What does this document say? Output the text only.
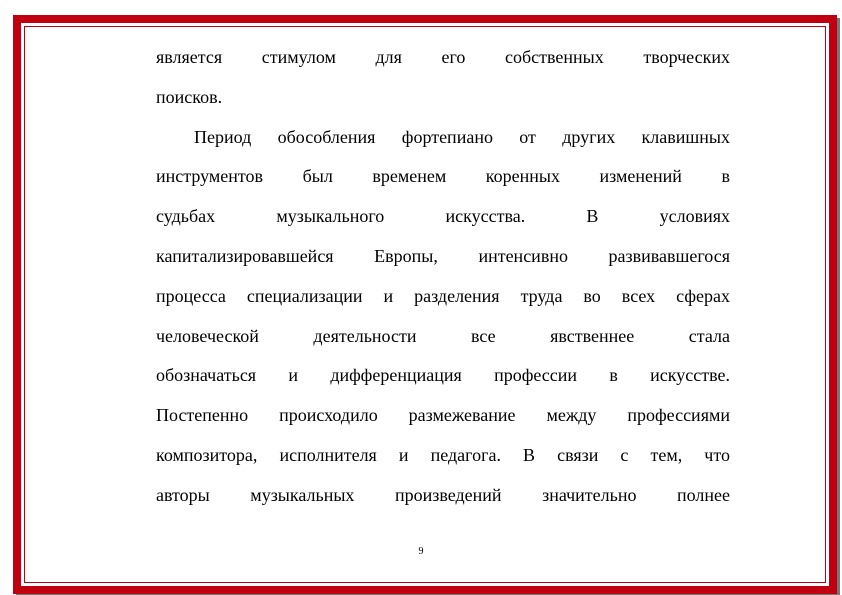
является стимулом для его собственных творческих
поисков.
Период обособления фортепиано от других клавишных
инструментов был временем коренных изменений в
судьбах музыкального искусства. В условиях
капитализировавшейся Европы, интенсивно развивавшегося
процесса специализации и разделения труда во всех сферах
человеческой деятельности все явственнее стала
обозначаться и дифференциация профессии в искусстве.
Постепенно происходило размежевание между профессиями
композитора, исполнителя и педагога. В связи с тем, что
авторы музыкальных произведений значительно полнее
9
